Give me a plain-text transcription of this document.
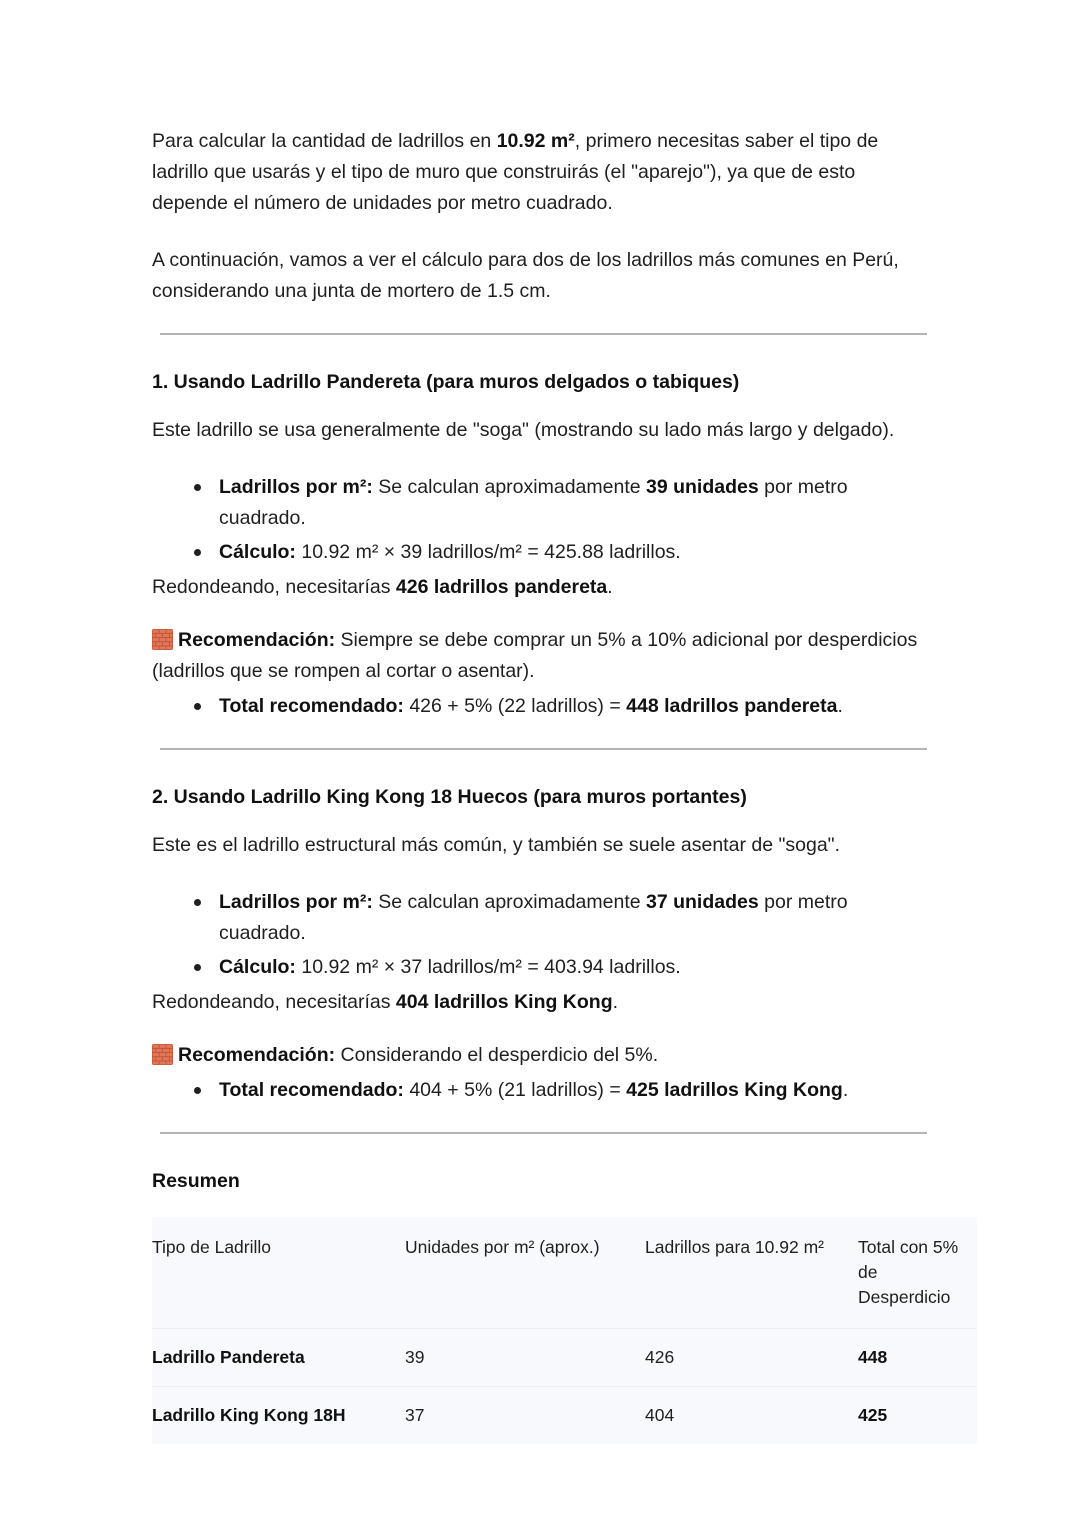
Para calcular la cantidad de ladrillos en 10.92 m², primero necesitas saber el tipo de ladrillo que usarás y el tipo de muro que construirás (el "aparejo"), ya que de esto depende el número de unidades por metro cuadrado.

A continuación, vamos a ver el cálculo para dos de los ladrillos más comunes en Perú, considerando una junta de mortero de 1.5 cm.

1. Usando Ladrillo Pandereta (para muros delgados o tabiques)

Este ladrillo se usa generalmente de "soga" (mostrando su lado más largo y delgado).

Ladrillos por m²: Se calculan aproximadamente 39 unidades por metro cuadrado.
Cálculo: 10.92 m² × 39 ladrillos/m² = 425.88 ladrillos.

Redondeando, necesitarías 426 ladrillos pandereta.

Recomendación: Siempre se debe comprar un 5% a 10% adicional por desperdicios (ladrillos que se rompen al cortar o asentar).

Total recomendado: 426 + 5% (22 ladrillos) = 448 ladrillos pandereta.
2. Usando Ladrillo King Kong 18 Huecos (para muros portantes)

Este es el ladrillo estructural más común, y también se suele asentar de "soga".

Ladrillos por m²: Se calculan aproximadamente 37 unidades por metro cuadrado.
Cálculo: 10.92 m² × 37 ladrillos/m² = 403.94 ladrillos.

Redondeando, necesitarías 404 ladrillos King Kong.

Recomendación: Considerando el desperdicio del 5%.

Total recomendado: 404 + 5% (21 ladrillos) = 425 ladrillos King Kong.
Resumen
Tipo de Ladrillo	Unidades por m² (aprox.)	Ladrillos para 10.92 m²	Total con 5% de Desperdicio
Ladrillo Pandereta	39	426	448
Ladrillo King Kong 18H	37	404	425
